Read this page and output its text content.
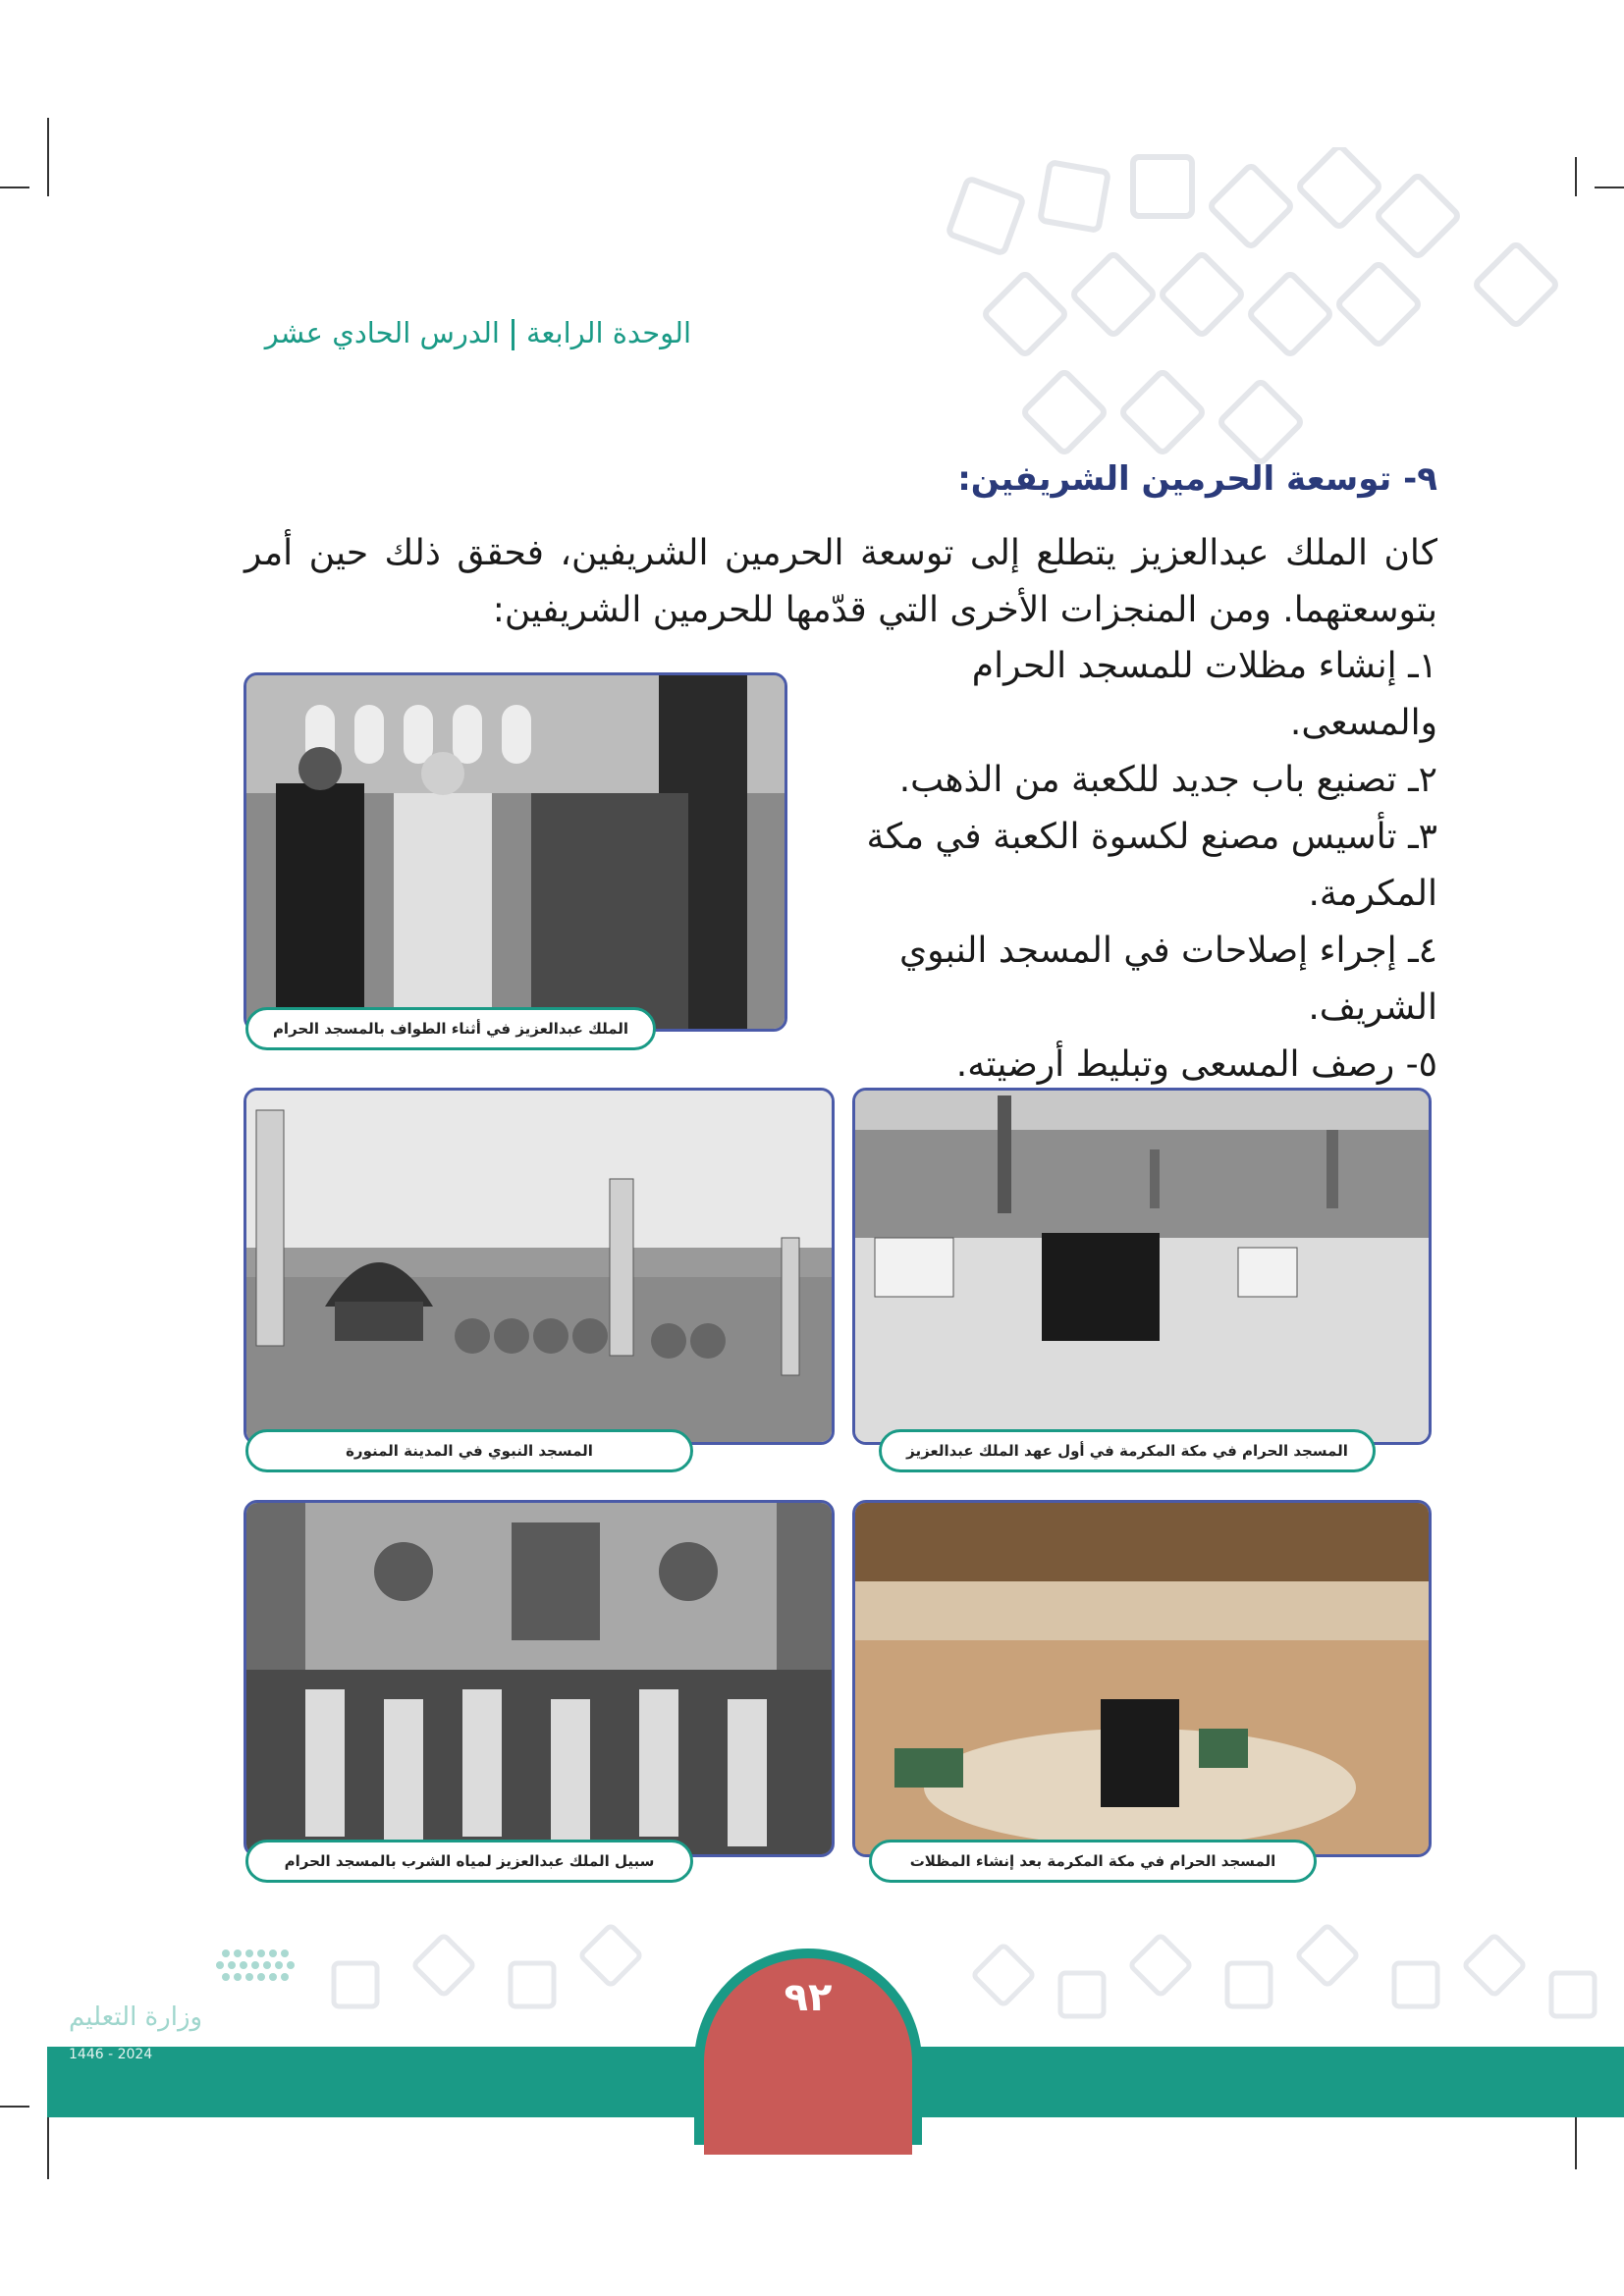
الوحدة الرابعةالدرس الحادي عشر
٩- توسعة الحرمين الشريفين:
كان الملك عبدالعزيز يتطلع إلى توسعة الحرمين الشريفين، فحقق ذلك حين أمر بتوسعتهما. ومن المنجزات الأخرى التي قدّمها للحرمين الشريفين:
١ـ إنشاء مظلات للمسجد الحرام والمسعى.
٢ـ تصنيع باب جديد للكعبة من الذهب.
٣ـ تأسيس مصنع لكسوة الكعبة في مكة المكرمة.
٤ـ إجراء إصلاحات في المسجد النبوي الشريف.
٥- رصف المسعى وتبليط أرضيته.
الملك عبدالعزيز في أثناء الطواف بالمسجد الحرام
المسجد الحرام في مكة المكرمة في أول عهد الملك عبدالعزيز
المسجد النبوي في المدينة المنورة
المسجد الحرام في مكة المكرمة بعد إنشاء المظلات
سبيل الملك عبدالعزيز لمياه الشرب بالمسجد الحرام
٩٢
وزارة التعليم
2024 - 1446
